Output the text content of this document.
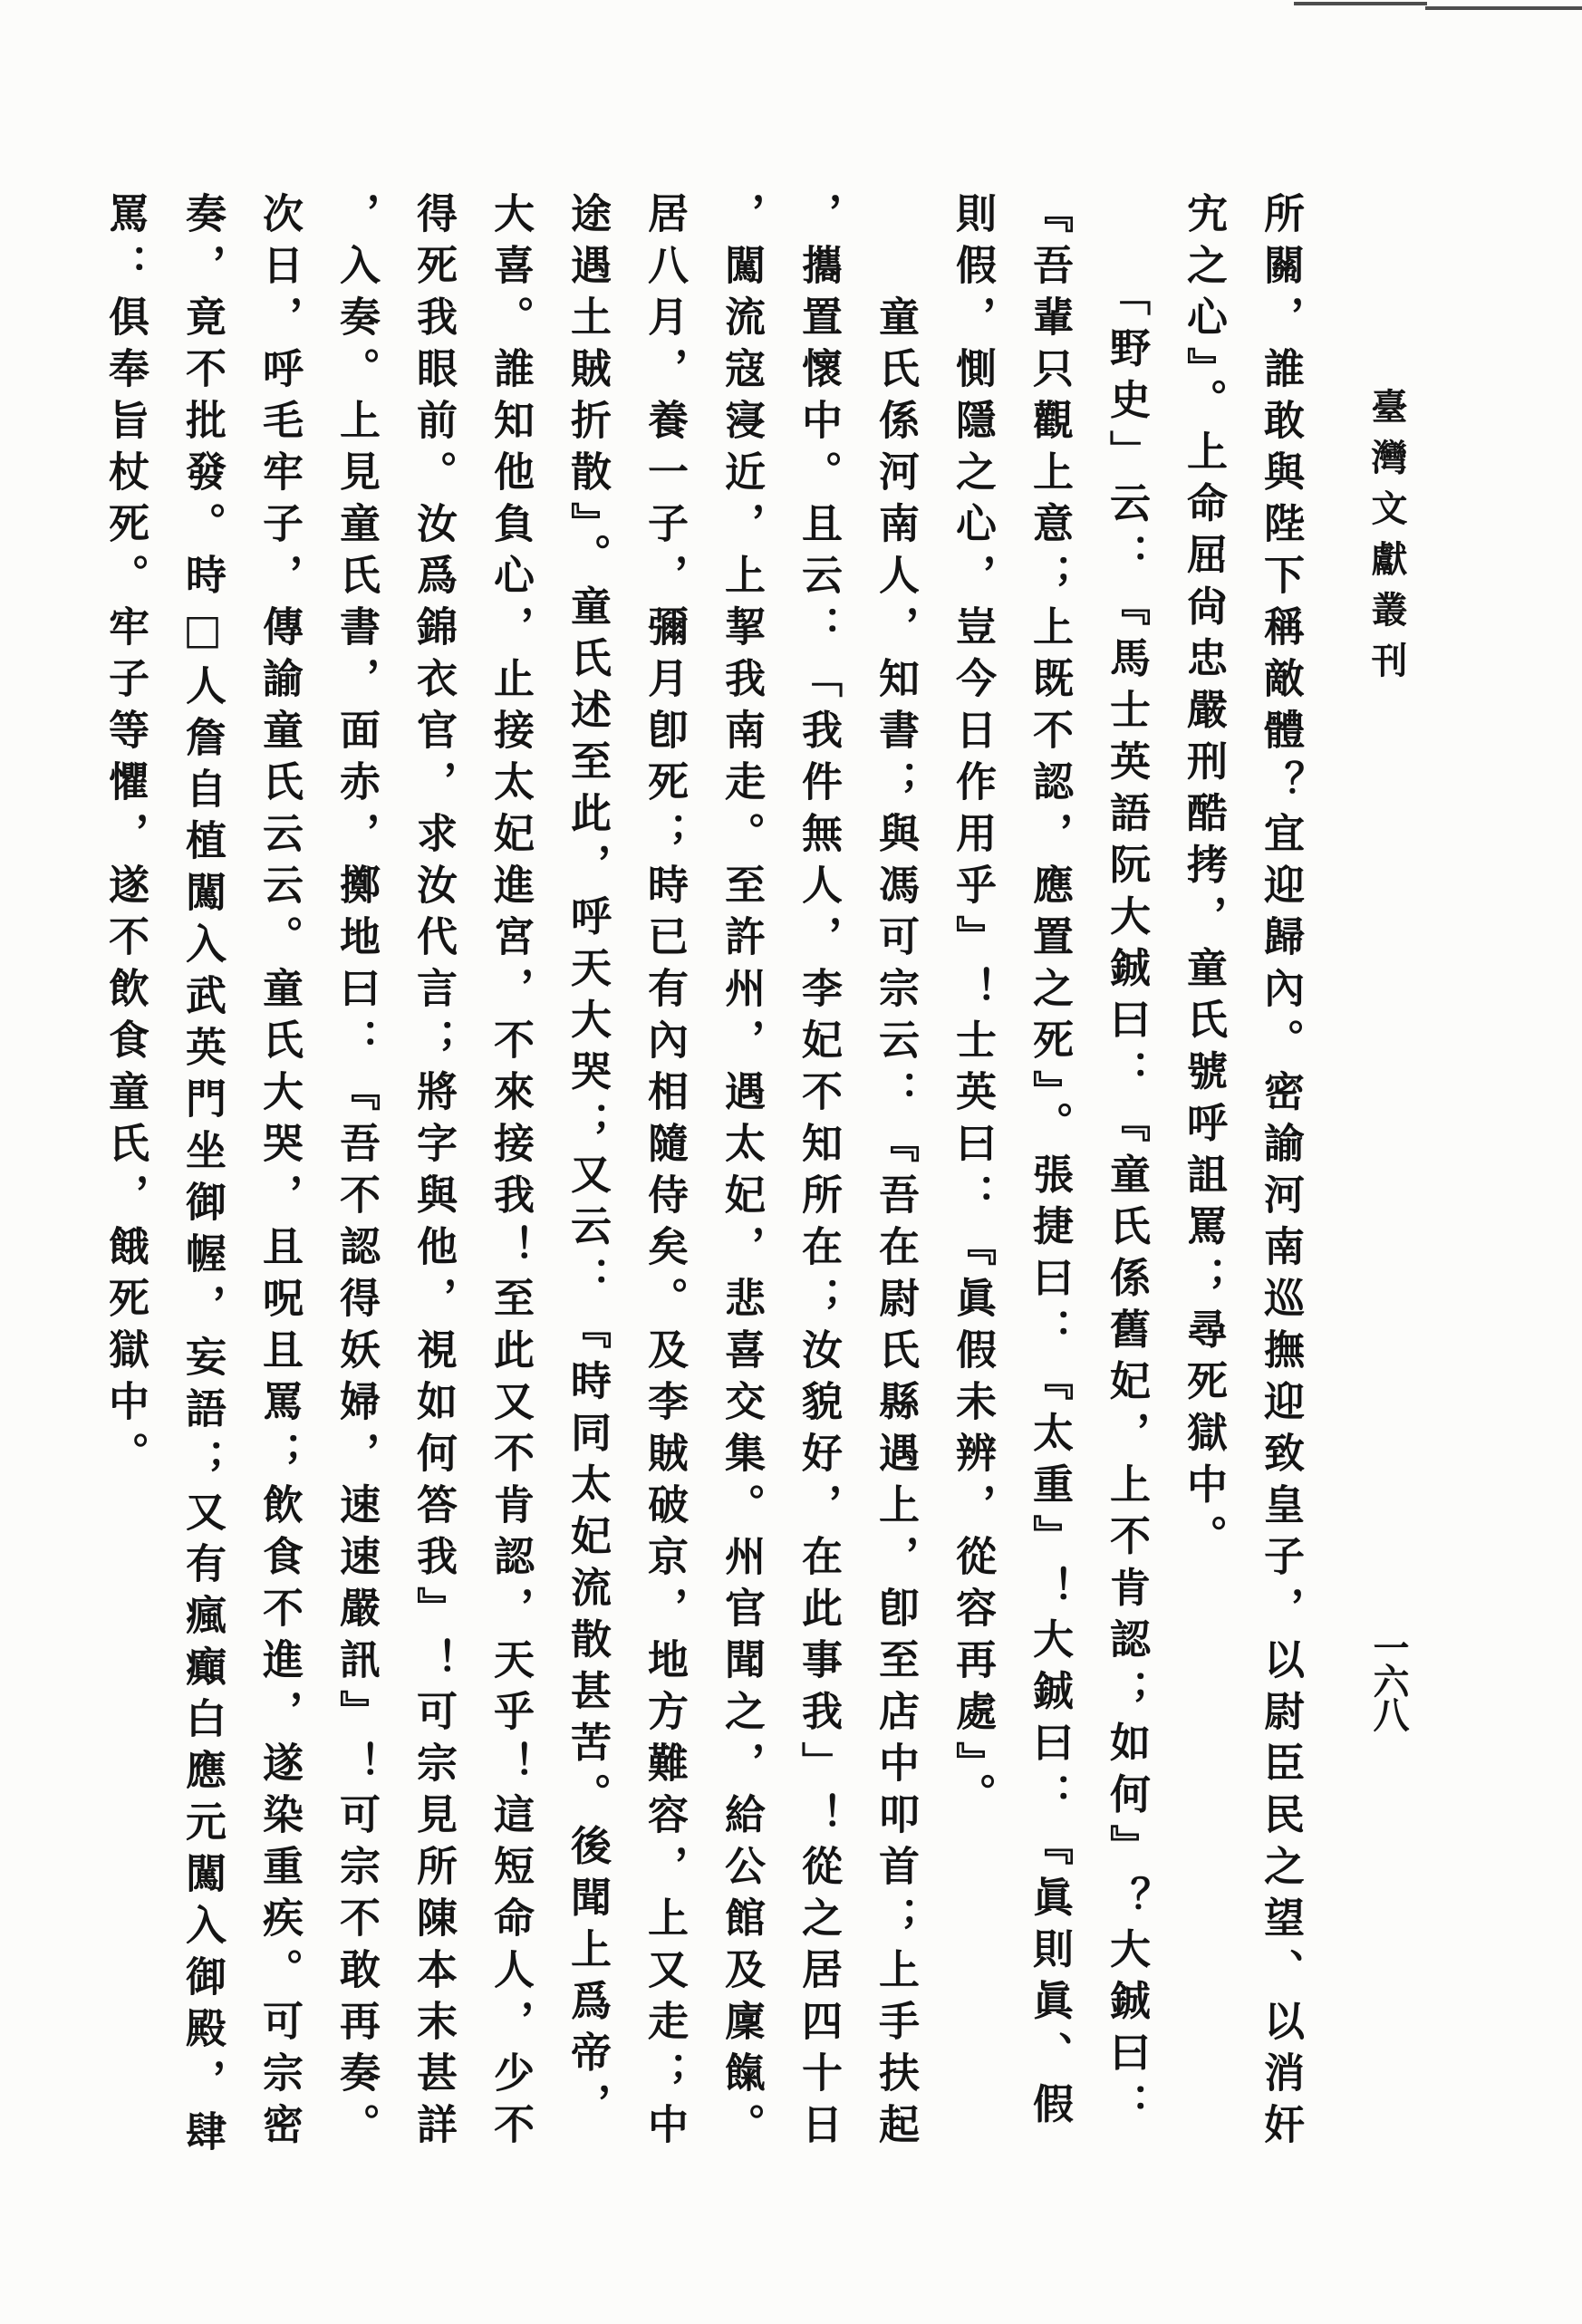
臺灣文獻叢刊
一六八

所關，誰敢與陛下稱敵體？宜迎歸內。密諭河南巡撫迎致皇子，以尉臣民之望、以消奸

宄之心』。上命屈尙忠嚴刑酷拷，童氏號呼詛罵；尋死獄中。

　　「野史」云：『馬士英語阮大鋮曰：『童氏係舊妃，上不肯認；如何』？大鋮曰：

『吾輩只觀上意；上既不認，應置之死』。張捷曰：『太重』！大鋮曰：『眞則眞、假

則假，惻隱之心，豈今日作用乎』！士英曰：『眞假未辨，從容再處』。

　　童氏係河南人，知書；與馮可宗云：『吾在尉氏縣遇上，卽至店中叩首；上手扶起

，攜置懷中。且云：「我件無人，李妃不知所在；汝貌好，在此事我」！從之居四十日

，闖流寇寖近，上挈我南走。至許州，遇太妃，悲喜交集。州官聞之，給公館及廩餼。

居八月，養一子，彌月卽死；時已有內相隨侍矣。及李賊破京，地方難容，上又走；中

途遇土賊折散』。童氏述至此，呼天大哭；又云：『時同太妃流散甚苦。後聞上爲帝，

大喜。誰知他負心，止接太妃進宮，不來接我！至此又不肯認，天乎！這短命人，少不

得死我眼前。汝爲錦衣官，求汝代言；將字與他，視如何答我』！可宗見所陳本末甚詳

，入奏。上見童氏書，面赤，擲地曰：『吾不認得妖婦，速速嚴訊』！可宗不敢再奏。

次日，呼毛牢子，傳諭童氏云云。童氏大哭，且呪且罵；飲食不進，遂染重疾。可宗密

奏，竟不批發。時□人詹自植闖入武英門坐御幄，妄語；又有瘋癲白應元闖入御殿，肆

罵：俱奉旨杖死。牢子等懼，遂不飲食童氏，餓死獄中。
